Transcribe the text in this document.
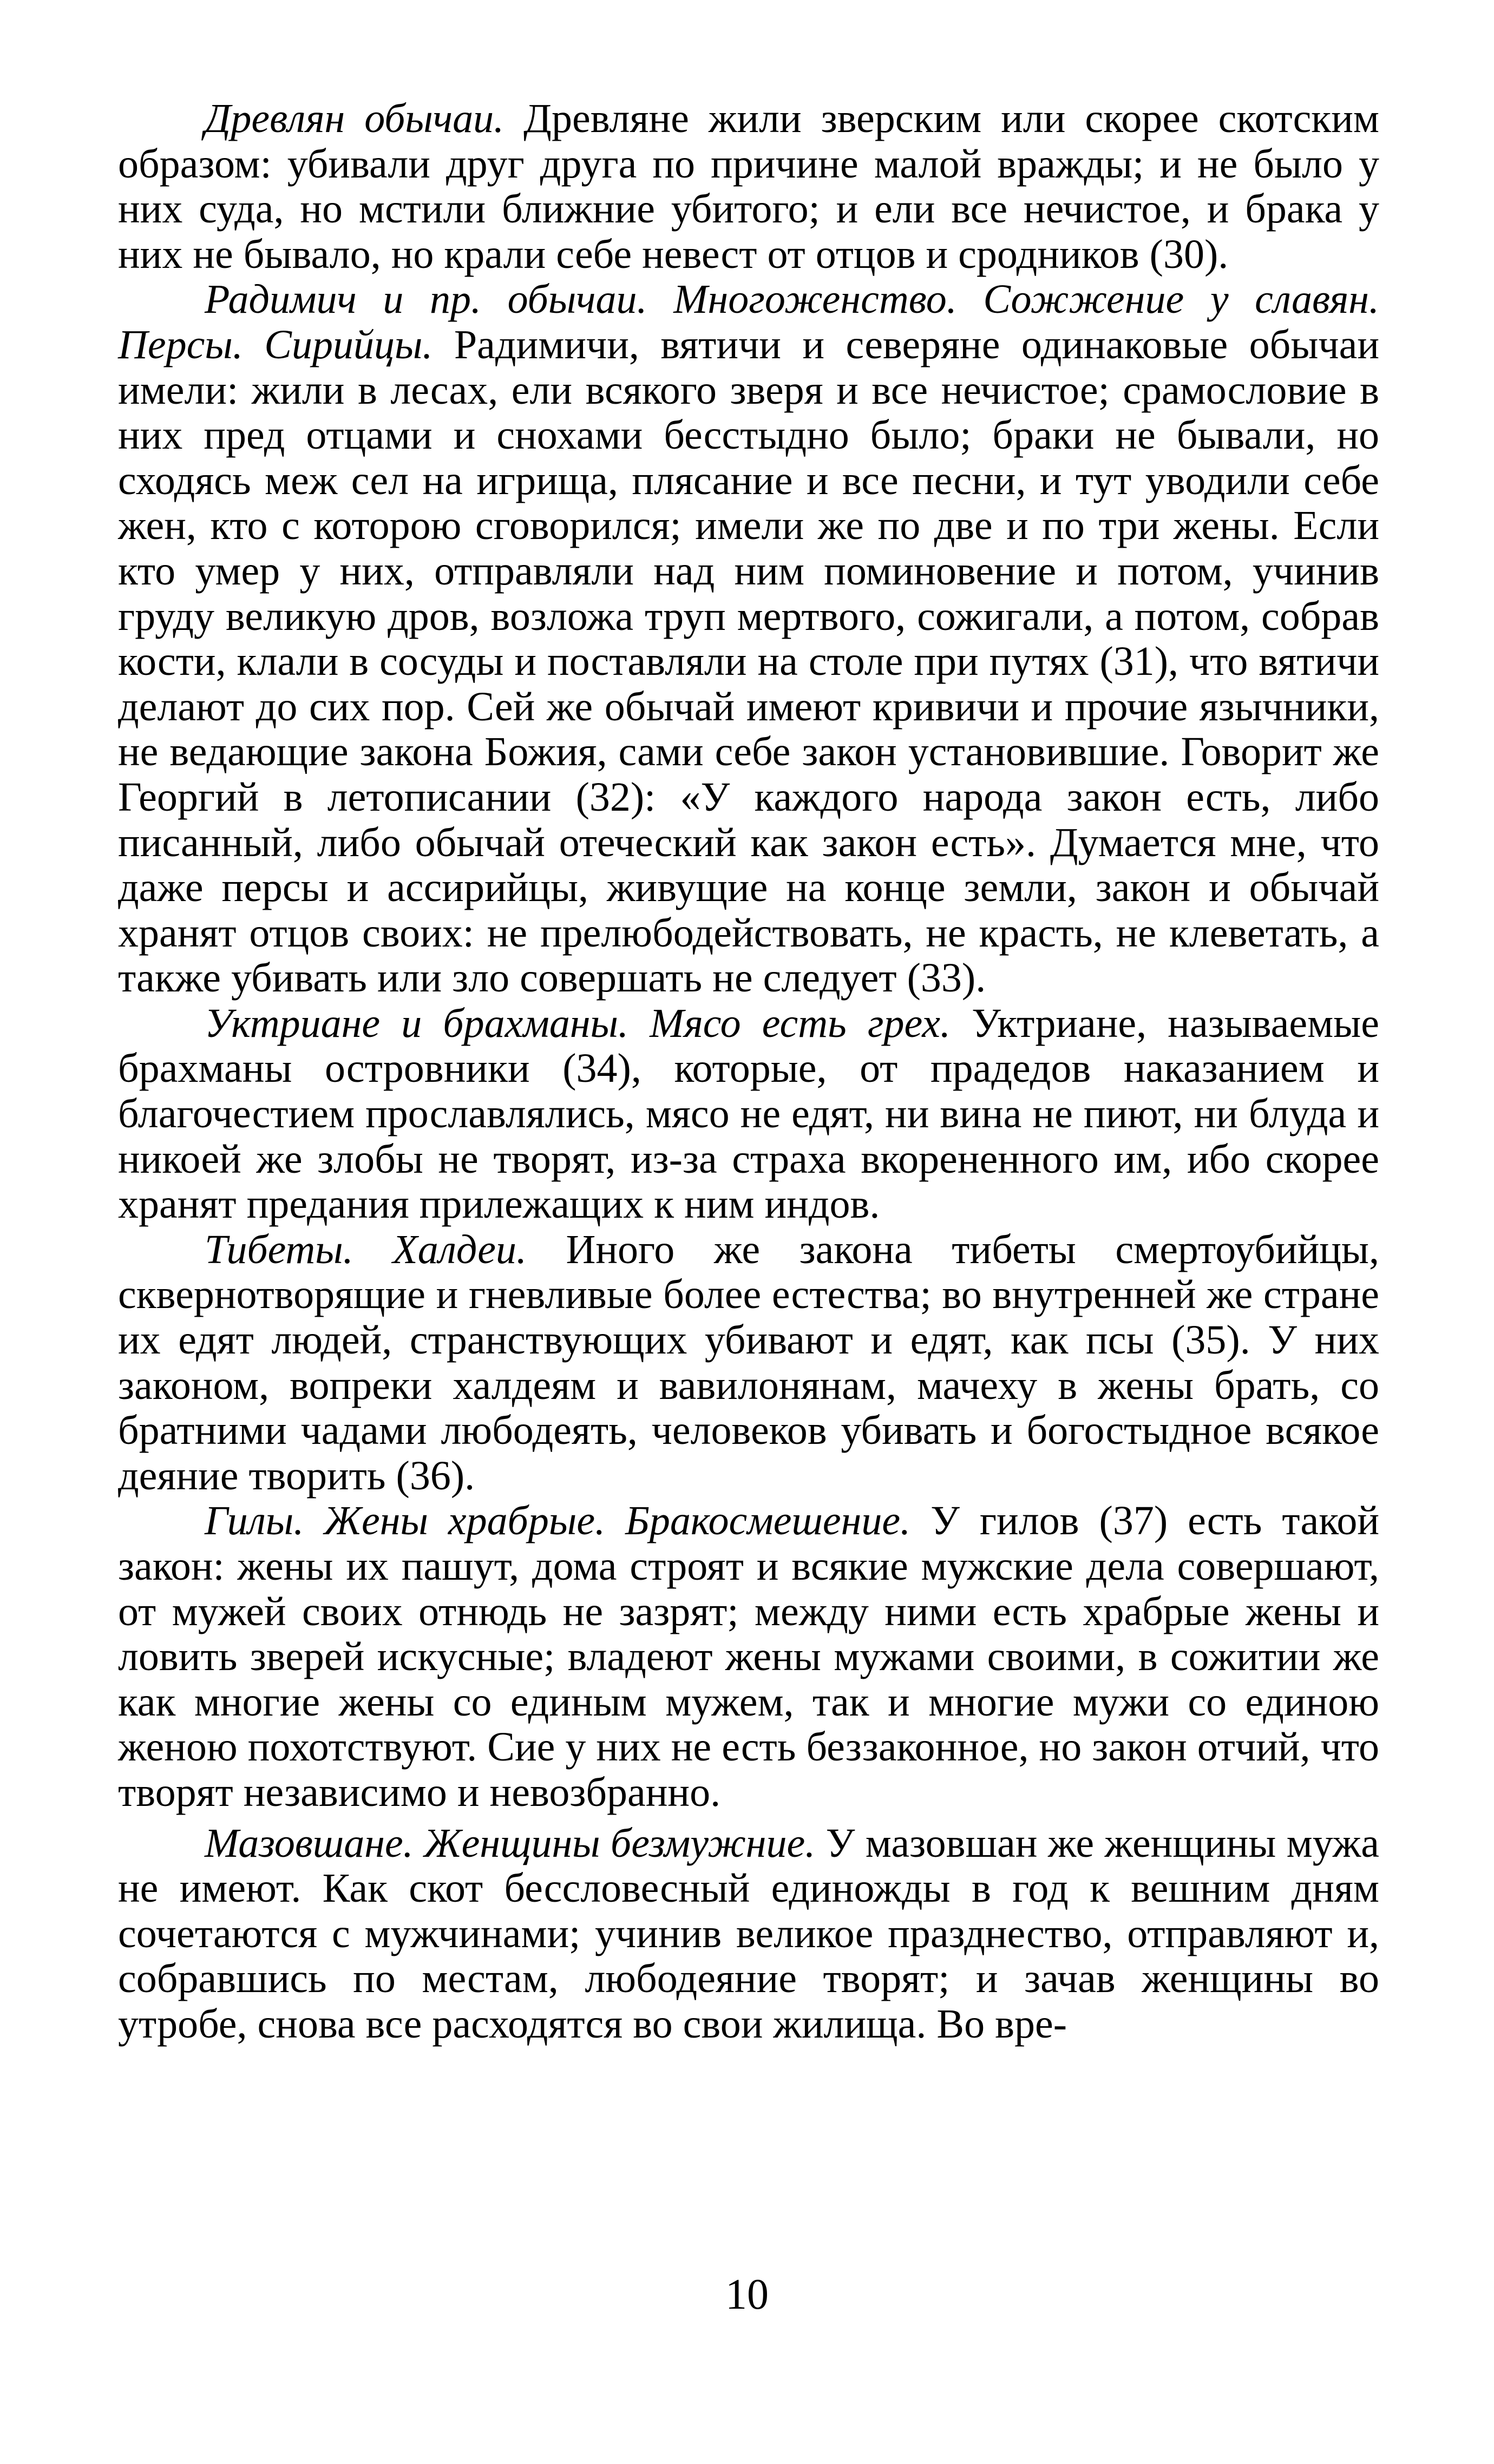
Древлян обычаи. Древляне жили зверским или скорее скотским образом: убивали друг друга по причине малой вражды; и не было у них суда, но мстили ближние убитого; и ели все нечистое, и брака у них не бывало, но крали себе невест от отцов и сродников (30).

Радимич и пр. обычаи. Многоженство. Сожжение у славян. Персы. Сирийцы. Радимичи, вятичи и северяне одинаковые обычаи имели: жили в лесах, ели всякого зверя и все нечистое; срамословие в них пред отцами и снохами бесстыдно было; браки не бывали, но сходясь меж сел на игрища, плясание и все песни, и тут уводили себе жен, кто с которою сговорился; имели же по две и по три жены. Если кто умер у них, отправляли над ним поминовение и потом, учинив груду великую дров, возложа труп мертвого, сожигали, а потом, собрав кости, клали в сосуды и поставляли на столе при путях (31), что вятичи делают до сих пор. Сей же обычай имеют кривичи и прочие язычники, не ведающие закона Божия, сами себе закон установившие. Говорит же Георгий в летописании (32): «У каждого народа закон есть, либо писанный, либо обычай отеческий как закон есть». Думается мне, что даже персы и ассирийцы, живущие на конце земли, закон и обычай хранят отцов своих: не прелюбодействовать, не красть, не клеветать, а также убивать или зло совершать не следует (33).

Уктриане и брахманы. Мясо есть грех. Уктриане, называемые брахманы островники (34), которые, от прадедов наказанием и благочестием прославлялись, мясо не едят, ни вина не пиют, ни блуда и никоей же злобы не творят, из-за страха вкорененного им, ибо скорее хранят предания прилежащих к ним индов.

Тибеты. Халдеи. Иного же закона тибеты смертоубийцы, сквернотворящие и гневливые более естества; во внутренней же стране их едят людей, странствующих убивают и едят, как псы (35). У них законом, вопреки халдеям и вавилонянам, мачеху в жены брать, со братними чадами любодеять, человеков убивать и богостыдное всякое деяние творить (36).

Гилы. Жены храбрые. Бракосмешение. У гилов (37) есть такой закон: жены их пашут, дома строят и всякие мужские дела совершают, от мужей своих отнюдь не зазрят; между ними есть храбрые жены и ловить зверей искусные; владеют жены мужами своими, в сожитии же как многие жены со единым мужем, так и многие мужи со единою женою похотствуют. Сие у них не есть беззаконное, но закон отчий, что творят независимо и невозбранно.

Мазовшане. Женщины безмужние. У мазовшан же женщины мужа не имеют. Как скот бессловесный единожды в год к вешним дням сочетаются с мужчинами; учинив великое празднество, отправляют и, собравшись по местам, любодеяние творят; и зачав женщины во утробе, снова все расходятся во свои жилища. Во вре-

10
